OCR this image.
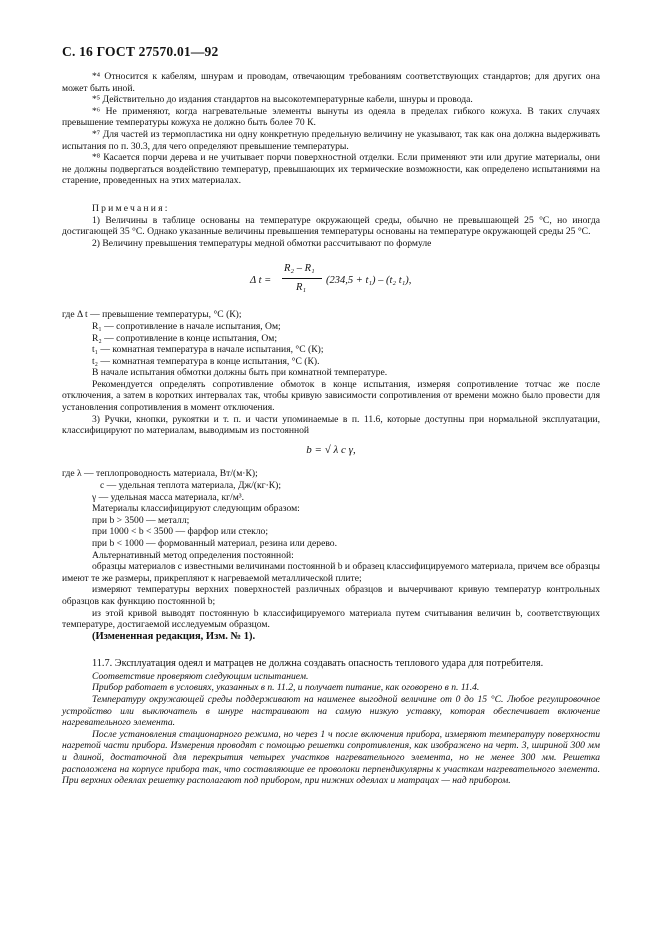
С. 16 ГОСТ 27570.01—92

*⁴ Относится к кабелям, шнурам и проводам, отвечающим требованиям соответствующих стандартов; для других она может быть иной.

*⁵ Действительно до издания стандартов на высокотемпературные кабели, шнуры и провода.

*⁶ Не применяют, когда нагревательные элементы вынуты из одеяла в пределах гибкого кожуха. В таких случаях превышение температуры кожуха не должно быть более 70 К.

*⁷ Для частей из термопластика ни одну конкретную предельную величину не указывают, так как она должна выдерживать испытания по п. 30.3, для чего определяют превышение температуры.

*⁸ Касается порчи дерева и не учитывает порчи поверхностной отделки. Если применяют эти или другие материалы, они не должны подвергаться воздействию температур, превышающих их термические возможности, как определено испытаниями на старение, проведенных на этих материалах.

Примечания:

1) Величины в таблице основаны на температуре окружающей среды, обычно не превышающей 25 °С, но иногда достигающей 35 °С. Однако указанные величины превышения температуры основаны на температуре окружающей среды 25 °С.

2) Величину превышения температуры медной обмотки рассчитывают по формуле

Δ t =
R₂ – R₁
R₁
(234,5 + t₁) – (t₂ t₁),

где Δ t — превышение температуры, °С (К);

R₁ — сопротивление в начале испытания, Ом;

R₂ — сопротивление в конце испытания, Ом;

t₁ — комнатная температура в начале испытания, °С (К);

t₂ — комнатная температура в конце испытания, °С (К).

В начале испытания обмотки должны быть при комнатной температуре.

Рекомендуется определять сопротивление обмоток в конце испытания, измеряя сопротивление тотчас же после отключения, а затем в коротких интервалах так, чтобы кривую зависимости сопротивления от времени можно было провести для установления сопротивления в момент отключения.

3) Ручки, кнопки, рукоятки и т. п. и части упоминаемые в п. 11.6, которые доступны при нормальной эксплуатации, классифицируют по материалам, выводимым из постоянной

b = √ λ c γ,

где λ — теплопроводность материала, Вт/(м·К);

c — удельная теплота материала, Дж/(кг·К);

γ — удельная масса материала, кг/м³.

Материалы классифицируют следующим образом:

при b > 3500 — металл;

при 1000 < b < 3500 — фарфор или стекло;

при b < 1000 — формованный материал, резина или дерево.

Альтернативный метод определения постоянной:

образцы материалов с известными величинами постоянной b и образец классифицируемого материала, причем все образцы имеют те же размеры, прикрепляют к нагреваемой металлической плите;

измеряют температуры верхних поверхностей различных образцов и вычерчивают кривую температур контрольных образцов как функцию постоянной b;

из этой кривой выводят постоянную b классифицируемого материала путем считывания величин b, соответствующих температуре, достигаемой исследуемым образцом.

(Измененная редакция, Изм. № 1).

11.7. Эксплуатация одеял и матрацев не должна создавать опасность теплового удара для потребителя.

Соответствие проверяют следующим испытанием.

Прибор работает в условиях, указанных в п. 11.2, и получает питание, как оговорено в п. 11.4.

Температуру окружающей среды поддерживают на наименее выгодной величине от 0 до 15 °С. Любое регулировочное устройство или выключатель в шнуре настраивают на самую низкую уставку, которая обеспечивает включение нагревательного элемента.

После установления стационарного режима, но через 1 ч после включения прибора, измеряют температуру поверхности нагретой части прибора. Измерения проводят с помощью решетки сопротивления, как изображено на черт. 3, шириной 300 мм и длиной, достаточной для перекрытия четырех участков нагревательного элемента, но не менее 300 мм. Решетка расположена на корпусе прибора так, что составляющие ее проволоки перпендикулярны к участкам нагревательного элемента. При верхних одеялах решетку располагают под прибором, при нижних одеялах и матрацах — над прибором.
